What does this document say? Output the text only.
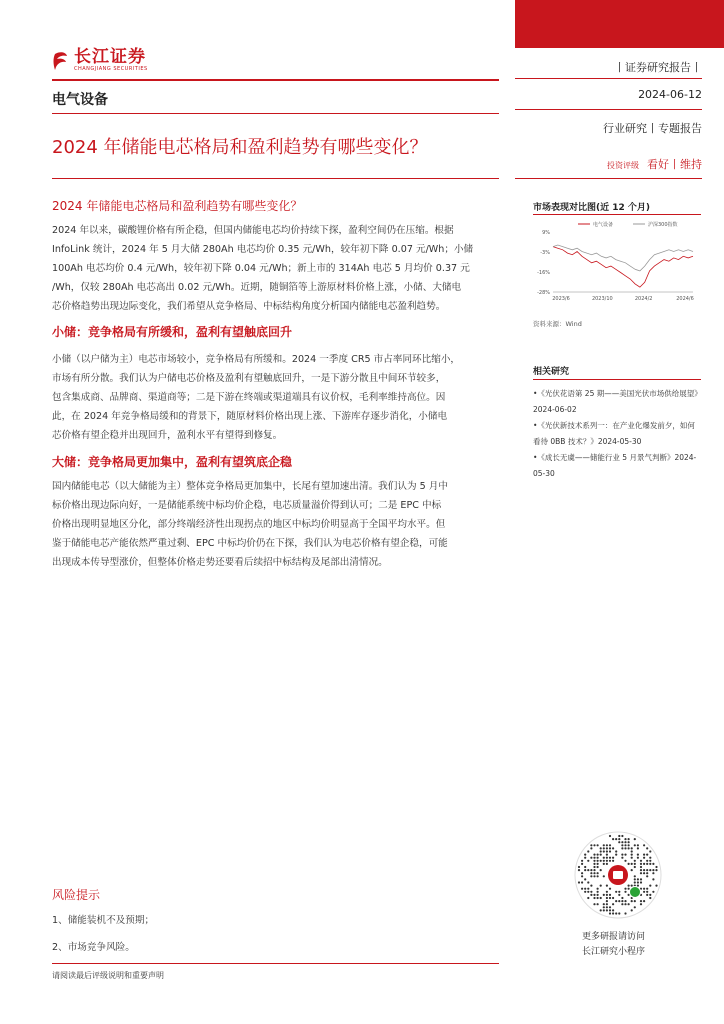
长江证券
CHANGJIANG SECURITIES
电气设备
2024 年储能电芯格局和盈利趋势有哪些变化？
丨证券研究报告丨
2024-06-12
行业研究丨专题报告
投资评级 看好丨维持
2024 年储能电芯格局和盈利趋势有哪些变化？
2024 年以来，碳酸锂价格有所企稳，但国内储能电芯均价持续下探，盈利空间仍在压缩。根据
InfoLink 统计，2024 年 5 月大储 280Ah 电芯均价 0.35 元/Wh，较年初下降 0.07 元/Wh；小储
100Ah 电芯均价 0.4 元/Wh，较年初下降 0.04 元/Wh；新上市的 314Ah 电芯 5 月均价 0.37 元
/Wh，仅较 280Ah 电芯高出 0.02 元/Wh。近期，随铜箔等上游原材料价格上涨，小储、大储电
芯价格趋势出现边际变化，我们希望从竞争格局、中标结构角度分析国内储能电芯盈利趋势。
小储：竞争格局有所缓和，盈利有望触底回升
小储（以户储为主）电芯市场较小，竞争格局有所缓和。2024 一季度 CR5 市占率同环比缩小，
市场有所分散。我们认为户储电芯价格及盈利有望触底回升，一是下游分散且中间环节较多，
包含集成商、品牌商、渠道商等；二是下游在终端或渠道端具有议价权，毛利率维持高位。因
此，在 2024 年竞争格局缓和的背景下，随原材料价格出现上涨、下游库存逐步消化，小储电
芯价格有望企稳并出现回升，盈利水平有望得到修复。
大储：竞争格局更加集中，盈利有望筑底企稳
国内储能电芯（以大储能为主）整体竞争格局更加集中，长尾有望加速出清。我们认为 5 月中
标价格出现边际向好，一是储能系统中标均价企稳，电芯质量溢价得到认可；二是 EPC 中标
价格出现明显地区分化，部分终端经济性出现拐点的地区中标均价明显高于全国平均水平。但
鉴于储能电芯产能依然严重过剩、EPC 中标均价仍在下探，我们认为电芯价格有望企稳，可能
出现成本传导型涨价，但整体价格走势还要看后续招中标结构及尾部出清情况。
市场表现对比图(近 12 个月)
电气设备	沪深300指数
9%
-3%
-16%
-28%
2023/6	2023/10	2024/2	2024/6
资料来源：Wind
相关研究
•《光伏花语第 25 期——美国光伏市场供给展望》
2024-06-02
•《光伏新技术系列一：在产业化爆发前夕，如何
看待 0BB 技术？》2024-05-30
•《成长无虞——储能行业 5 月景气判断》2024-
05-30
更多研报请访问
长江研究小程序
风险提示
1、储能装机不及预期；
2、市场竞争风险。
请阅读最后评级说明和重要声明
